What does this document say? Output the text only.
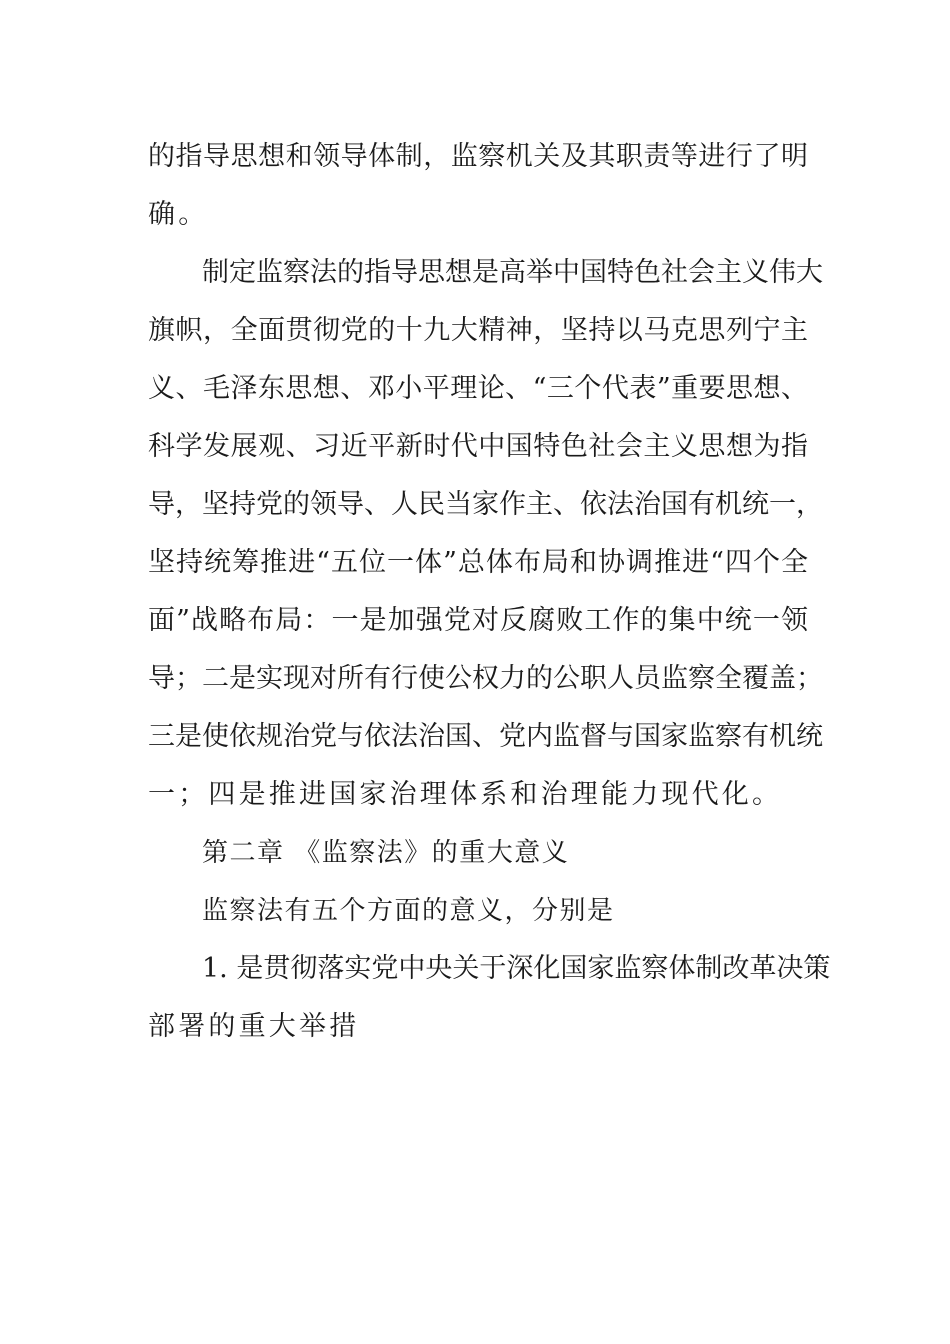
的指导思想和领导体制，监察机关及其职责等进行了明
确。
制定监察法的指导思想是高举中国特色社会主义伟大
旗帜，全面贯彻党的十九大精神，坚持以马克思列宁主
义、毛泽东思想、邓小平理论、“三个代表”重要思想、
科学发展观、习近平新时代中国特色社会主义思想为指
导，坚持党的领导、人民当家作主、依法治国有机统一，
坚持统筹推进“五位一体”总体布局和协调推进“四个全
面”战略布局：一是加强党对反腐败工作的集中统一领
导；二是实现对所有行使公权力的公职人员监察全覆盖；
三是使依规治党与依法治国、党内监督与国家监察有机统
一；四是推进国家治理体系和治理能力现代化。
第二章 《监察法》的重大意义
监察法有五个方面的意义，分别是
1. 是贯彻落实党中央关于深化国家监察体制改革决策
部署的重大举措
